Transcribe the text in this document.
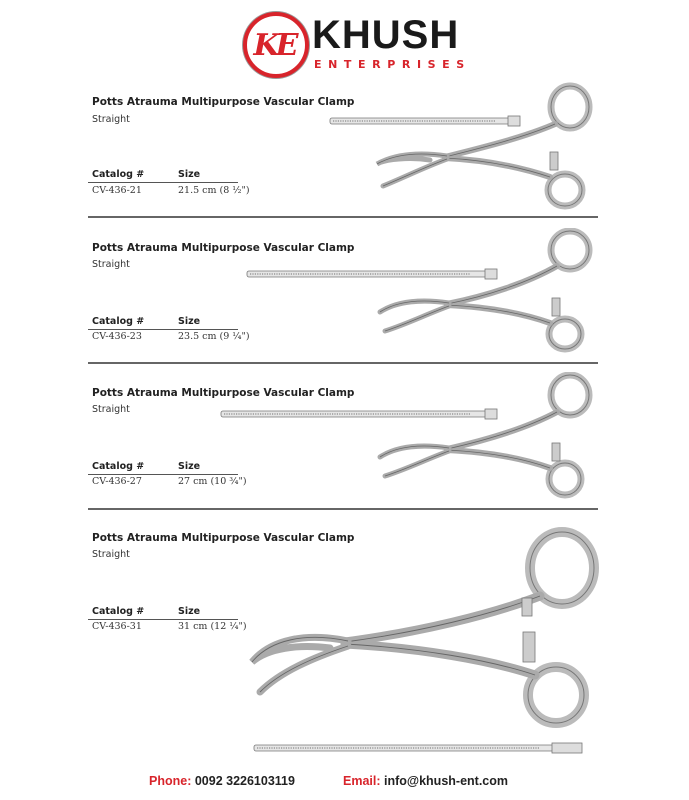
KE KHUSH
ENTERPRISES
Potts Atrauma Multipurpose Vascular Clamp
Straight
Catalog #	Size
CV-436-21	21.5 cm (8 ½")
Potts Atrauma Multipurpose Vascular Clamp
Straight
Catalog #	Size
CV-436-23	23.5 cm (9 ¼")
Potts Atrauma Multipurpose Vascular Clamp
Straight
Catalog #	Size
CV-436-27	27 cm (10 ¾")
Potts Atrauma Multipurpose Vascular Clamp
Straight
Catalog #	Size
CV-436-31	31 cm (12 ¼")
Phone: 0092 3226103119	Email: info@khush-ent.com
